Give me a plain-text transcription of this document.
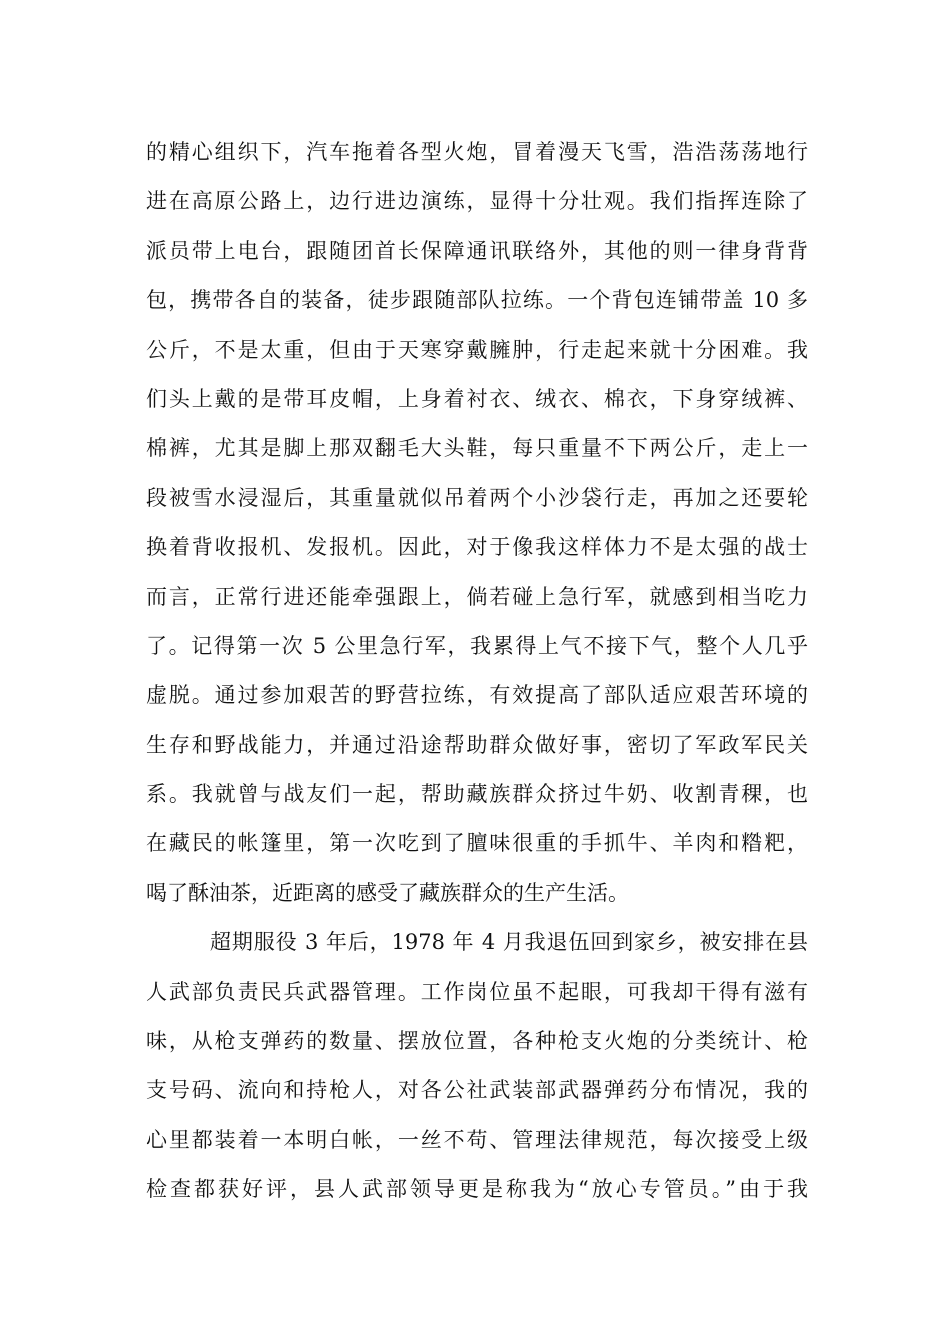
的精心组织下，汽车拖着各型火炮，冒着漫天飞雪，浩浩荡荡地行
进在高原公路上，边行进边演练，显得十分壮观。我们指挥连除了
派员带上电台，跟随团首长保障通讯联络外，其他的则一律身背背
包，携带各自的装备，徒步跟随部队拉练。一个背包连铺带盖 10 多
公斤，不是太重，但由于天寒穿戴臃肿，行走起来就十分困难。我
们头上戴的是带耳皮帽，上身着衬衣、绒衣、棉衣，下身穿绒裤、
棉裤，尤其是脚上那双翻毛大头鞋，每只重量不下两公斤，走上一
段被雪水浸湿后，其重量就似吊着两个小沙袋行走，再加之还要轮
换着背收报机、发报机。因此，对于像我这样体力不是太强的战士
而言，正常行进还能牵强跟上，倘若碰上急行军，就感到相当吃力
了。记得第一次 5 公里急行军，我累得上气不接下气，整个人几乎
虚脱。通过参加艰苦的野营拉练，有效提高了部队适应艰苦环境的
生存和野战能力，并通过沿途帮助群众做好事，密切了军政军民关
系。我就曾与战友们一起，帮助藏族群众挤过牛奶、收割青稞，也
在藏民的帐篷里，第一次吃到了膻味很重的手抓牛、羊肉和糌粑，
喝了酥油茶，近距离的感受了藏族群众的生产生活。
超期服役 3 年后，1978 年 4 月我退伍回到家乡，被安排在县
人武部负责民兵武器管理。工作岗位虽不起眼，可我却干得有滋有
味，从枪支弹药的数量、摆放位置，各种枪支火炮的分类统计、枪
支号码、流向和持枪人，对各公社武装部武器弹药分布情况，我的
心里都装着一本明白帐，一丝不苟、管理法律规范，每次接受上级
检查都获好评，县人武部领导更是称我为“放心专管员。”由于我
